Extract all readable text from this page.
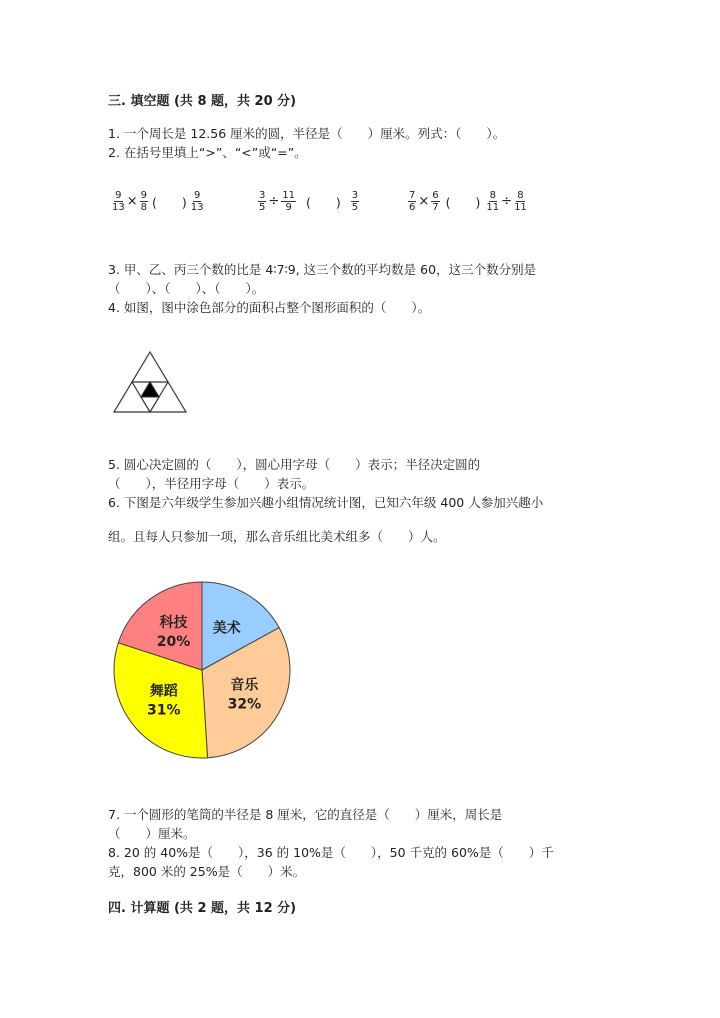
三. 填空题 (共 8 题，共 20 分)
1. 一个周长是 12.56 厘米的圆，半径是（　　）厘米。列式：（　　）。
2. 在括号里填上“>”、“<”或“=”。
$\frac{9}{13} \times \frac{9}{8}$ (　　) $\frac{9}{13}$	$\frac{3}{5} \div \frac{11}{9}$ (　　) $\frac{3}{5}$	$\frac{7}{6} \times \frac{6}{7}$ (　　) $\frac{8}{11} \div \frac{8}{11}$
3. 甲、乙、丙三个数的比是 4∶7∶9, 这三个数的平均数是 60，这三个数分别是
（　　）、（　　）、（　　）。
4. 如图，图中涂色部分的面积占整个图形面积的（　　）。
5. 圆心决定圆的（　　），圆心用字母（　　）表示；半径决定圆的
（　　），半径用字母（　　）表示。
6. 下图是六年级学生参加兴趣小组情况统计图，已知六年级 400 人参加兴趣小
组。且每人只参加一项，那么音乐组比美术组多（　　）人。
美术
音乐
32%
舞蹈
31%
科技
20%
7. 一个圆形的笔筒的半径是 8 厘米，它的直径是（　　）厘米，周长是
（　　）厘米。
8. 20 的 40%是（　　），36 的 10%是（　　），50 千克的 60%是（　　）千
克，800 米的 25%是（　　）米。
四. 计算题 (共 2 题，共 12 分)
